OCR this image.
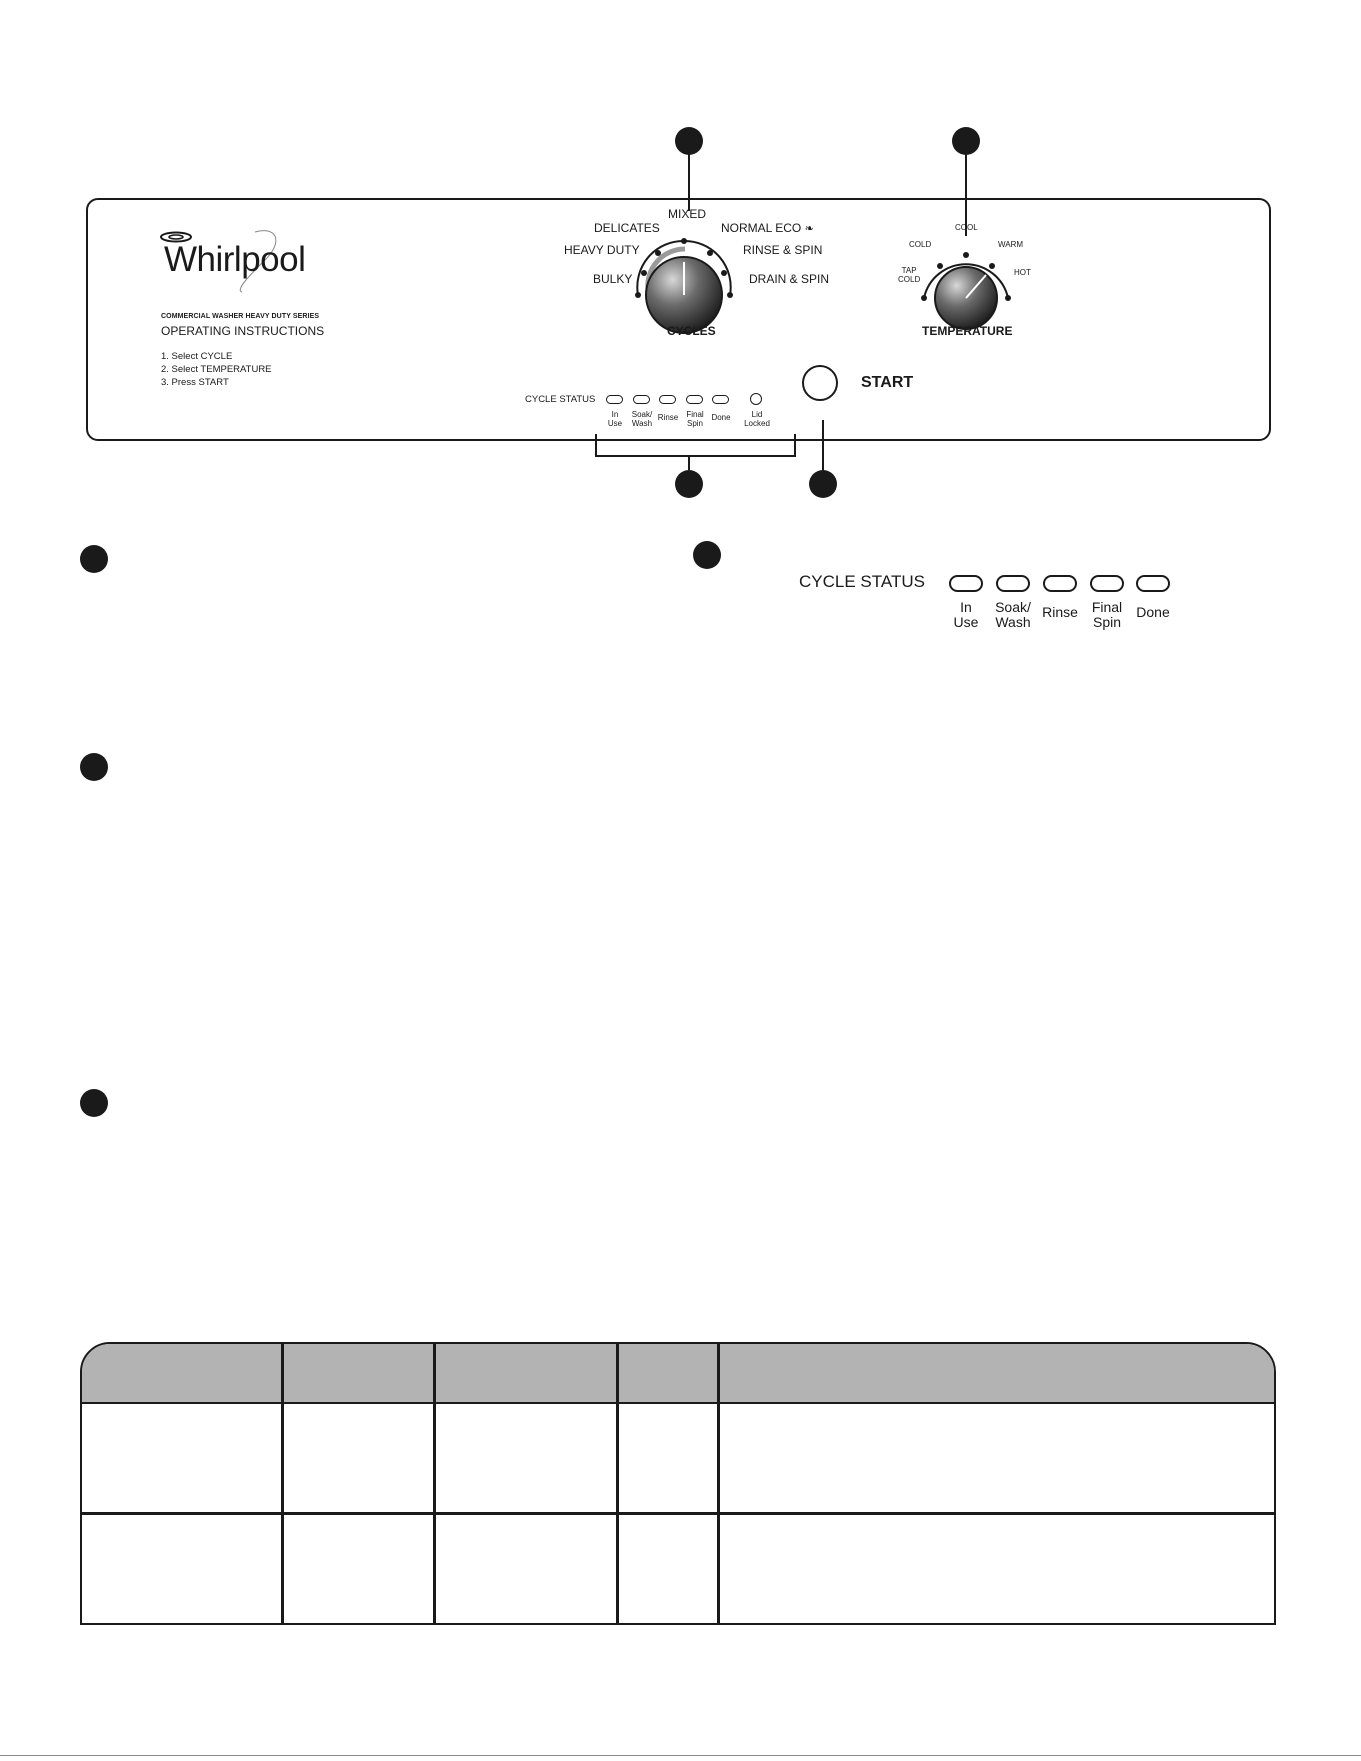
Whirlpool
COMMERCIAL WASHER HEAVY DUTY SERIES
OPERATING INSTRUCTIONS
1. Select CYCLE
2. Select TEMPERATURE
3. Press START
MIXED
DELICATES	NORMAL ECO ❧
HEAVY DUTY	RINSE & SPIN
BULKY	DRAIN & SPIN
CYCLES
COOL
COLD	WARM
TAP
COLD
HOT
TEMPERATURE
START
CYCLE STATUS
In
Use
Soak/
Wash
Rinse	Final
Spin
Done	Lid
Locked
CYCLE STATUS
In
Use
Soak/
Wash
Rinse Final
Spin
Done
